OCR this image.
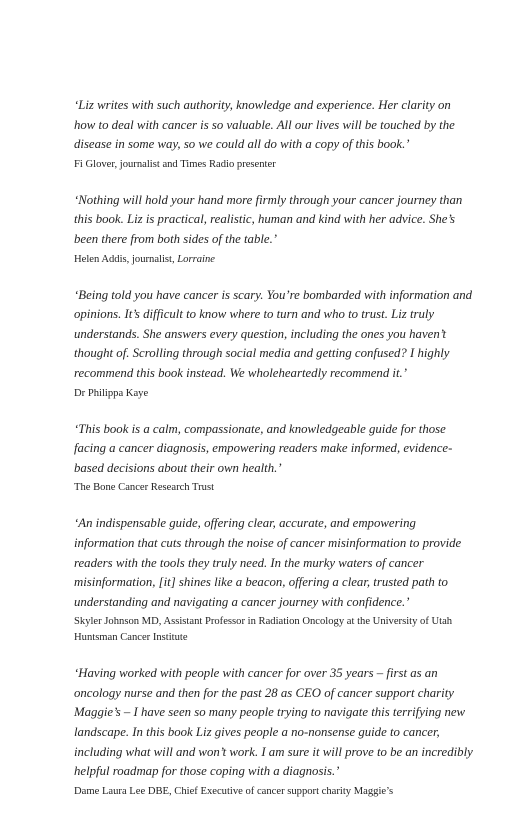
‘Liz writes with such authority, knowledge and experience. Her clarity on how to deal with cancer is so valuable. All our lives will be touched by the disease in some way, so we could all do with a copy of this book.’

Fi Glover, journalist and Times Radio presenter

‘Nothing will hold your hand more firmly through your cancer journey than this book. Liz is practical, realistic, human and kind with her advice. She’s been there from both sides of the table.’

Helen Addis, journalist, Lorraine

‘Being told you have cancer is scary. You’re bombarded with information and opinions. It’s difficult to know where to turn and who to trust. Liz truly understands. She answers every question, including the ones you haven’t thought of. Scrolling through social media and getting confused? I highly recommend this book instead. We wholeheartedly recommend it.’

Dr Philippa Kaye

‘This book is a calm, compassionate, and knowledgeable guide for those facing a cancer diagnosis, empowering readers make informed, evidence-based decisions about their own health.’

The Bone Cancer Research Trust

‘An indispensable guide, offering clear, accurate, and empowering information that cuts through the noise of cancer misinformation to provide readers with the tools they truly need. In the murky waters of cancer misinformation, [it] shines like a beacon, offering a clear, trusted path to understanding and navigating a cancer journey with confidence.’

Skyler Johnson MD, Assistant Professor in Radiation Oncology at the University of Utah Huntsman Cancer Institute

‘Having worked with people with cancer for over 35 years – first as an oncology nurse and then for the past 28 as CEO of cancer support charity Maggie’s – I have seen so many people trying to navigate this terrifying new landscape. In this book Liz gives people a no-nonsense guide to cancer, including what will and won’t work. I am sure it will prove to be an incredibly helpful roadmap for those coping with a diagnosis.’

Dame Laura Lee DBE, Chief Executive of cancer support charity Maggie’s
